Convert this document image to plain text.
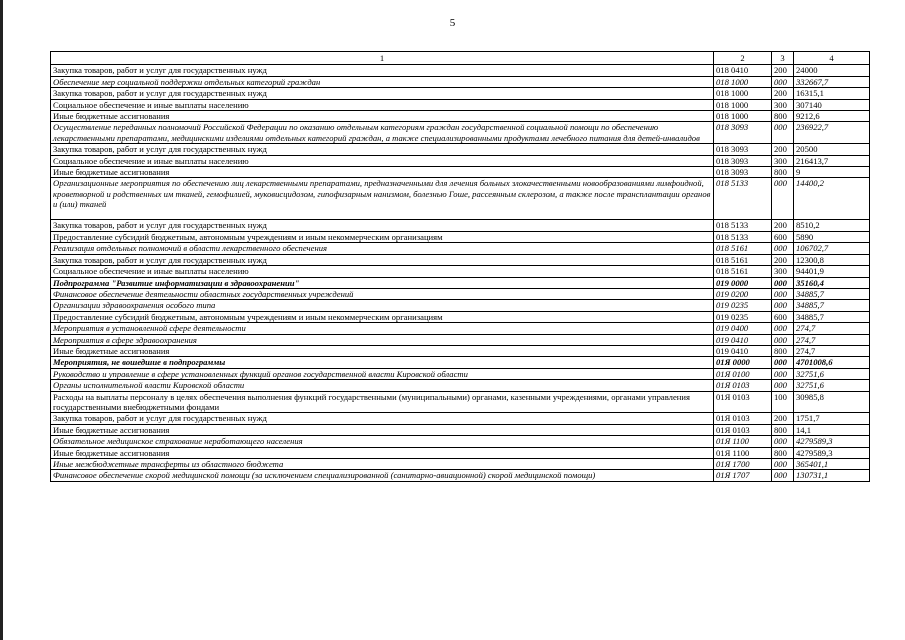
5
1	2	3	4
Закупка товаров, работ и услуг для государственных нужд	018 0410	200	24000
Обеспечение мер социальной поддержки отдельных категорий граждан	018 1000	000	332667,7
Закупка товаров, работ и услуг для государственных нужд	018 1000	200	16315,1
Социальное обеспечение и иные выплаты населению	018 1000	300	307140
Иные бюджетные ассигнования	018 1000	800	9212,6
Осуществление переданных полномочий Российской Федерации по оказанию отдельным категориям граждан государственной социальной помощи по обеспечению лекарственными препаратами, медицинскими изделиями отдельных категорий граждан, а также специализированными продуктами лечебного питания для детей-инвалидов	018 3093	000	236922,7
Закупка товаров, работ и услуг для государственных нужд	018 3093	200	20500
Социальное обеспечение и иные выплаты населению	018 3093	300	216413,7
Иные бюджетные ассигнования	018 3093	800	9
Организационные мероприятия по обеспечению лиц лекарственными препаратами, предназначенными для лечения больных злокачественными новообразованиями лимфоидной, кроветворной и родственных им тканей, гемофилией, муковисцидозом, гипофизарным нанизмом, болезнью Гоше, рассеянным склерозом, а также после трансплантации органов и (или) тканей	018 5133	000	14400,2
Закупка товаров, работ и услуг для государственных нужд	018 5133	200	8510,2
Предоставление субсидий бюджетным, автономным учреждениям и иным некоммерческим организациям	018 5133	600	5890
Реализация отдельных полномочий в области лекарственного обеспечения	018 5161	000	106702,7
Закупка товаров, работ и услуг для государственных нужд	018 5161	200	12300,8
Социальное обеспечение и иные выплаты населению	018 5161	300	94401,9
Подпрограмма "Развитие информатизации в здравоохранении"	019 0000	000	35160,4
Финансовое обеспечение деятельности областных государственных учреждений	019 0200	000	34885,7
Организации здравоохранения особого типа	019 0235	000	34885,7
Предоставление субсидий бюджетным, автономным учреждениям и иным некоммерческим организациям	019 0235	600	34885,7
Мероприятия в установленной сфере деятельности	019 0400	000	274,7
Мероприятия в сфере здравоохранения	019 0410	000	274,7
Иные бюджетные ассигнования	019 0410	800	274,7
Мероприятия, не вошедшие в подпрограммы	01Я 0000	000	4701008,6
Руководство и управление в сфере установленных функций органов государственной власти Кировской области	01Я 0100	000	32751,6
Органы исполнительной власти Кировской области	01Я 0103	000	32751,6
Расходы на выплаты персоналу в целях обеспечения выполнения функций государственными (муниципальными) органами, казенными учреждениями, органами управления государственными внебюджетными фондами	01Я 0103	100	30985,8
Закупка товаров, работ и услуг для государственных нужд	01Я 0103	200	1751,7
Иные бюджетные ассигнования	01Я 0103	800	14,1
Обязательное медицинское страхование неработающего населения	01Я 1100	000	4279589,3
Иные бюджетные ассигнования	01Я 1100	800	4279589,3
Иные межбюджетные трансферты из областного бюджета	01Я 1700	000	365401,1
Финансовое обеспечение скорой медицинской помощи (за исключением специализированной (санитарно-авиационной) скорой медицинской помощи)	01Я 1707	000	130731,1
